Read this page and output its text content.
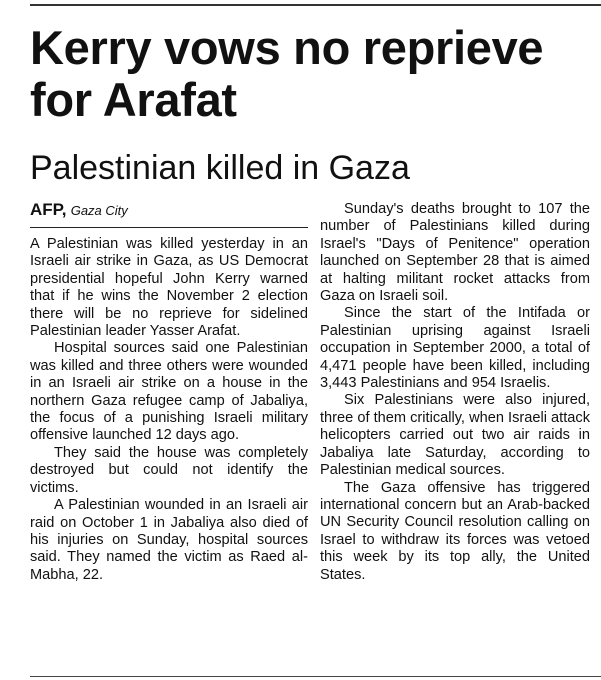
Kerry vows no reprieve for Arafat
Palestinian killed in Gaza
AFP, Gaza City

A Palestinian was killed yesterday in an Israeli air strike in Gaza, as US Democrat presidential hopeful John Kerry warned that if he wins the November 2 election there will be no reprieve for sidelined Palestinian leader Yasser Arafat.

Hospital sources said one Palestinian was killed and three others were wounded in an Israeli air strike on a house in the northern Gaza refugee camp of Jabaliya, the focus of a punishing Israeli military offensive launched 12 days ago.

They said the house was completely destroyed but could not identify the victims.

A Palestinian wounded in an Israeli air raid on October 1 in Jabaliya also died of his injuries on Sunday, hospital sources said. They named the victim as Raed al-Mabha, 22.

Sunday's deaths brought to 107 the number of Palestinians killed during Israel's "Days of Penitence" operation launched on September 28 that is aimed at halting militant rocket attacks from Gaza on Israeli soil.

Since the start of the Intifada or Palestinian uprising against Israeli occupation in September 2000, a total of 4,471 people have been killed, including 3,443 Palestinians and 954 Israelis.

Six Palestinians were also injured, three of them critically, when Israeli attack helicopters carried out two air raids in Jabaliya late Saturday, according to Palestinian medical sources.

The Gaza offensive has triggered international concern but an Arab-backed UN Security Council resolution calling on Israel to withdraw its forces was vetoed this week by its top ally, the United States.
